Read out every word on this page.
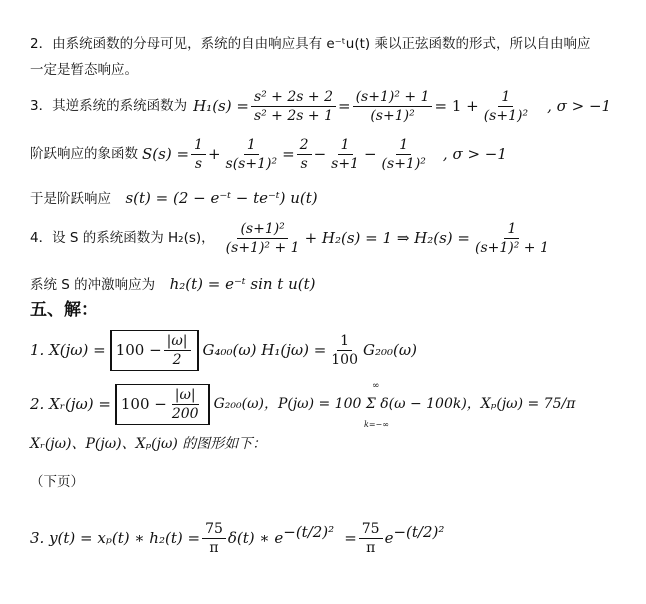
2．由系统函数的分母可见，系统的自由响应具有 e⁻ᵗu(t) 乘以正弦函数的形式，所以自由响应
一定是暂态响应。
3．其逆系统的系统函数为 $H_1(s) = \frac{\text{s² + 2s + 2}}{\text{s² + 2s + 1}} = \frac{\text{(s+1)² + 1}}{\text{(s+1)²}} = 1 + \frac{1}{\text{(s+1)²}}$ , σ > −1
阶跃响应的象函数 $S(s) = \frac{1}{s} + \frac{1}{\text{s(s+1)²}} = \frac{2}{s} - \frac{1}{s+1} - \frac{1}{\text{(s+1)²}}$ , σ > −1
于是阶跃响应 s(t) = (2 − e⁻ᵗ − te⁻ᵗ) u(t)
4．设 S 的系统函数为 H₂(s)， $\frac{\text{(s+1)²}}{\text{(s+1)² + 1}} + H_2(s) = 1$ ⇒ $H_2(s) = \frac{1}{\text{(s+1)² + 1}}$
系统 S 的冲激响应为 h₂(t) = e⁻ᵗ sin t u(t)
五、解：
1. $X(j\omega) = 100 - \frac{|\omega|}{2} G_{400}(\omega) H_1(j\omega) = \frac{1}{100} G_{200}(\omega)$
2. Xᵣ(jω) = $100 - \frac{|\omega|}{200} G_{200}(\omega)$，P(jω) = 100 Σ δ(ω − 100k)，Xₚ(jω) = 75/π
∞
k=−∞
Xᵣ(jω)、P(jω)、Xₚ(jω) 的图形如下：
（下页）
3. y(t) = xₚ(t) ∗ $h_2(t) = \frac{75}{\pi} \delta(t)$ ∗ $e -(t/2)^2 = \frac{75}{\pi}$ e −(t/2)²
